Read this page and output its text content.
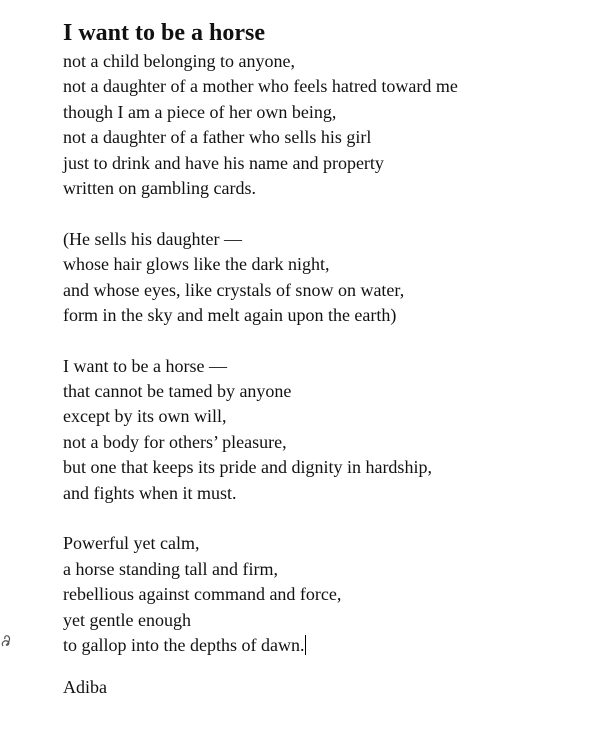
I want to be a horse
not a child belonging to anyone,
not a daughter of a mother who feels hatred toward me
though I am a piece of her own being,
not a daughter of a father who sells his girl
just to drink and have his name and property
written on gambling cards.
(He sells his daughter —
whose hair glows like the dark night,
and whose eyes, like crystals of snow on water,
form in the sky and melt again upon the earth)
I want to be a horse —
that cannot be tamed by anyone
except by its own will,
not a body for others’ pleasure,
but one that keeps its pride and dignity in hardship,
and fights when it must.
Powerful yet calm,
a horse standing tall and firm,
rebellious against command and force,
yet gentle enough
to gallop into the depths of dawn.
Adiba
